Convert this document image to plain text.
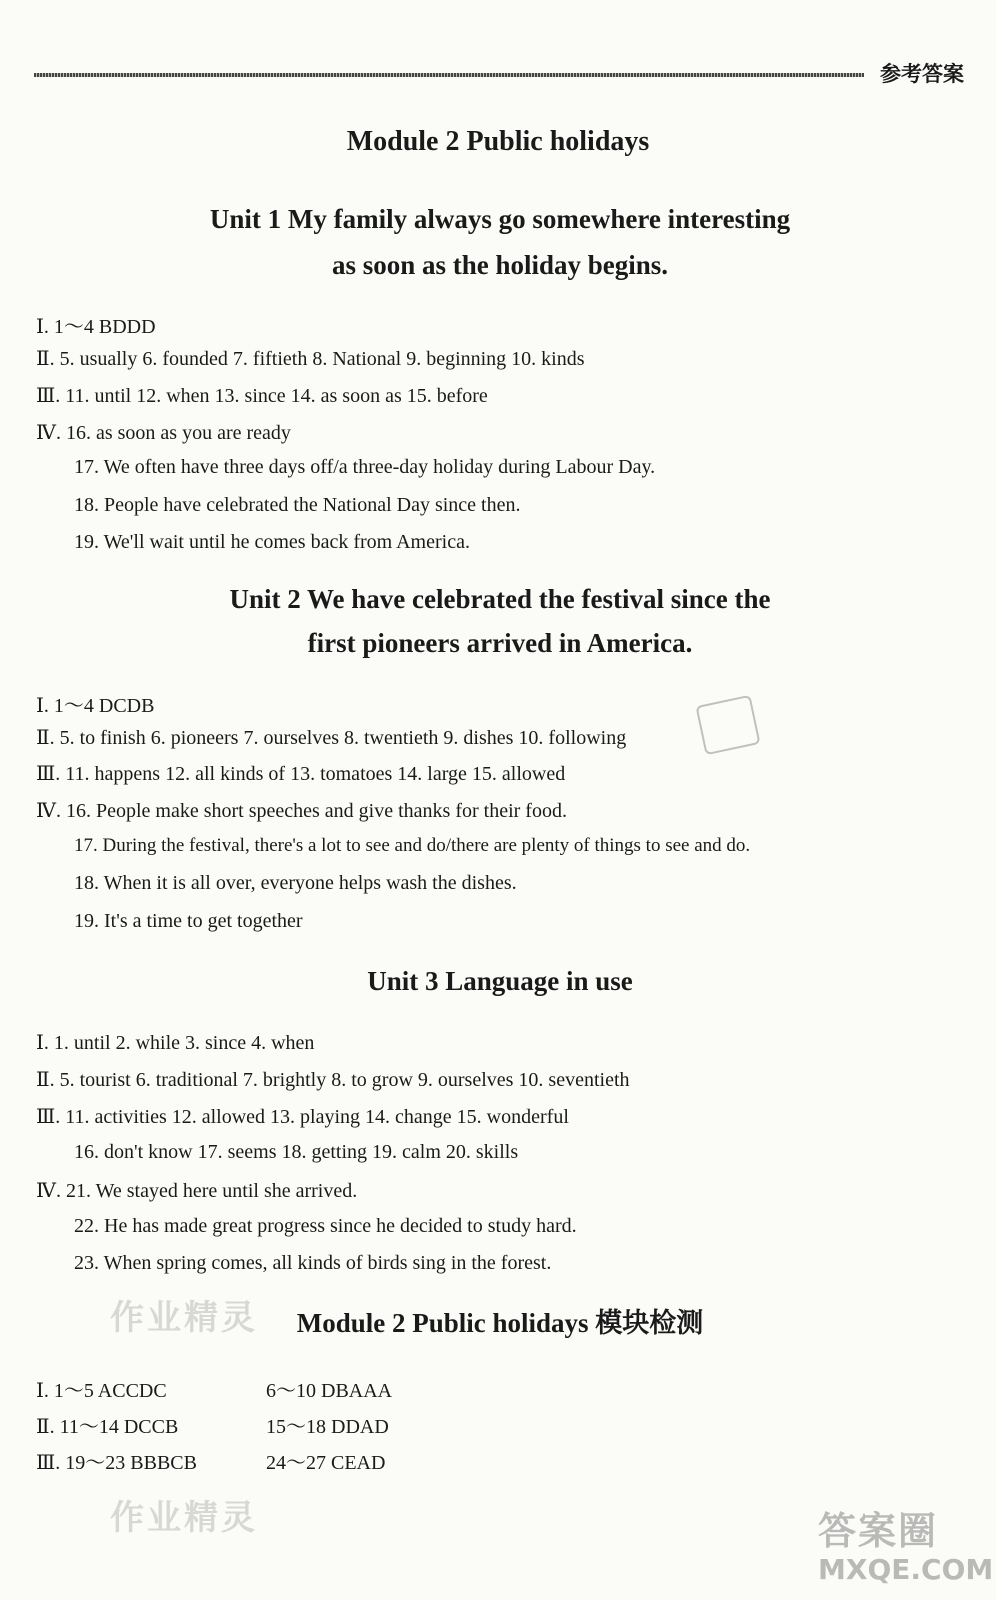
参考答案
Module 2 Public holidays
Unit 1 My family always go somewhere interesting
as soon as the holiday begins.
Ⅰ. 1～4 BDDD
Ⅱ. 5. usually 6. founded 7. fiftieth 8. National 9. beginning 10. kinds
Ⅲ. 11. until 12. when 13. since 14. as soon as 15. before
Ⅳ. 16. as soon as you are ready
17. We often have three days off/a three-day holiday during Labour Day.
18. People have celebrated the National Day since then.
19. We'll wait until he comes back from America.
Unit 2 We have celebrated the festival since the
first pioneers arrived in America.
Ⅰ. 1～4 DCDB
Ⅱ. 5. to finish 6. pioneers 7. ourselves 8. twentieth 9. dishes 10. following
Ⅲ. 11. happens 12. all kinds of 13. tomatoes 14. large 15. allowed
Ⅳ. 16. People make short speeches and give thanks for their food.
17. During the festival, there's a lot to see and do/there are plenty of things to see and do.
18. When it is all over, everyone helps wash the dishes.
19. It's a time to get together
Unit 3 Language in use
Ⅰ. 1. until 2. while 3. since 4. when
Ⅱ. 5. tourist 6. traditional 7. brightly 8. to grow 9. ourselves 10. seventieth
Ⅲ. 11. activities 12. allowed 13. playing 14. change 15. wonderful
16. don't know 17. seems 18. getting 19. calm 20. skills
Ⅳ. 21. We stayed here until she arrived.
22. He has made great progress since he decided to study hard.
23. When spring comes, all kinds of birds sing in the forest.
作业精灵	Module 2 Public holidays 模块检测
Ⅰ. 1～5 ACCDC	6～10 DBAAA
Ⅱ. 11～14 DCCB	15～18 DDAD
Ⅲ. 19～23 BBBCB	24～27 CEAD
作业精灵	答案圈
MXQE.COM
